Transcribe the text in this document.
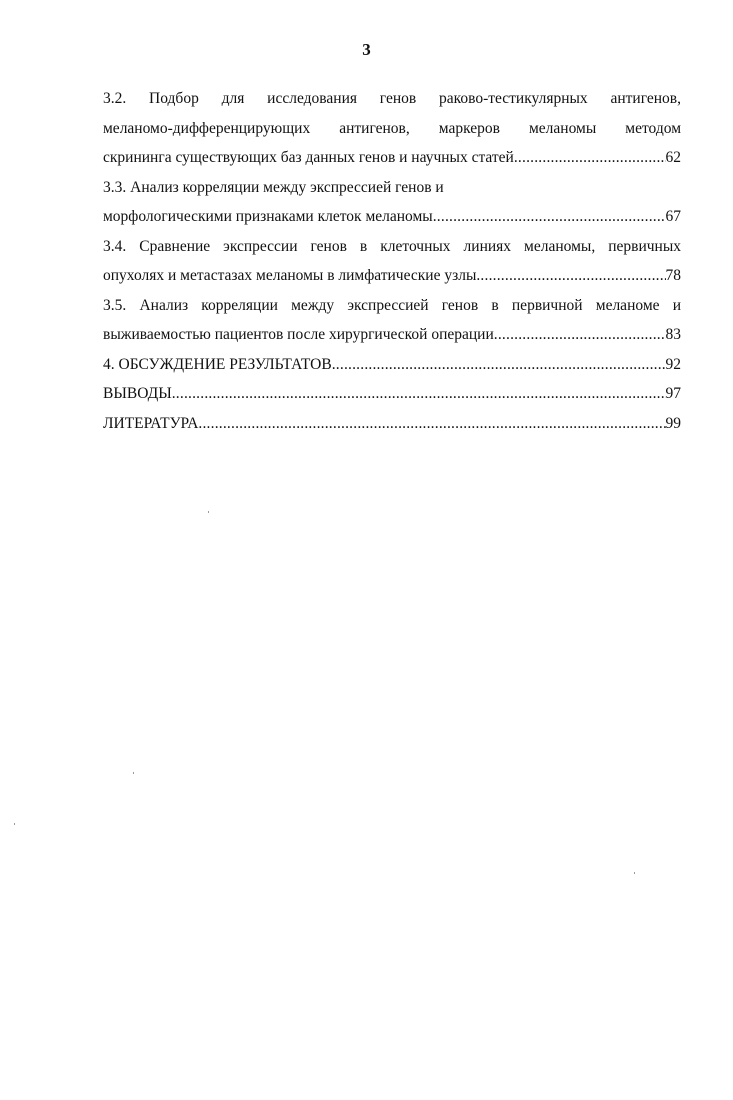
3
3.2. Подбор для исследования генов раково-тестикулярных антигенов,
меланомо-дифференцирующих антигенов, маркеров меланомы методом
скрининга существующих баз данных генов и научных статей .....	62
3.3. Анализ корреляции между экспрессией генов и
морфологическими признаками клеток меланомы .....	67
3.4. Сравнение экспрессии генов в клеточных линиях меланомы, первичных
опухолях и метастазах меланомы в лимфатические узлы .....	78
3.5. Анализ корреляции между экспрессией генов в первичной меланоме и
выживаемостью пациентов после хирургической операции .....	83
4. ОБСУЖДЕНИЕ РЕЗУЛЬТАТОВ .....	92
ВЫВОДЫ .....	97
ЛИТЕРАТУРА .....	99
